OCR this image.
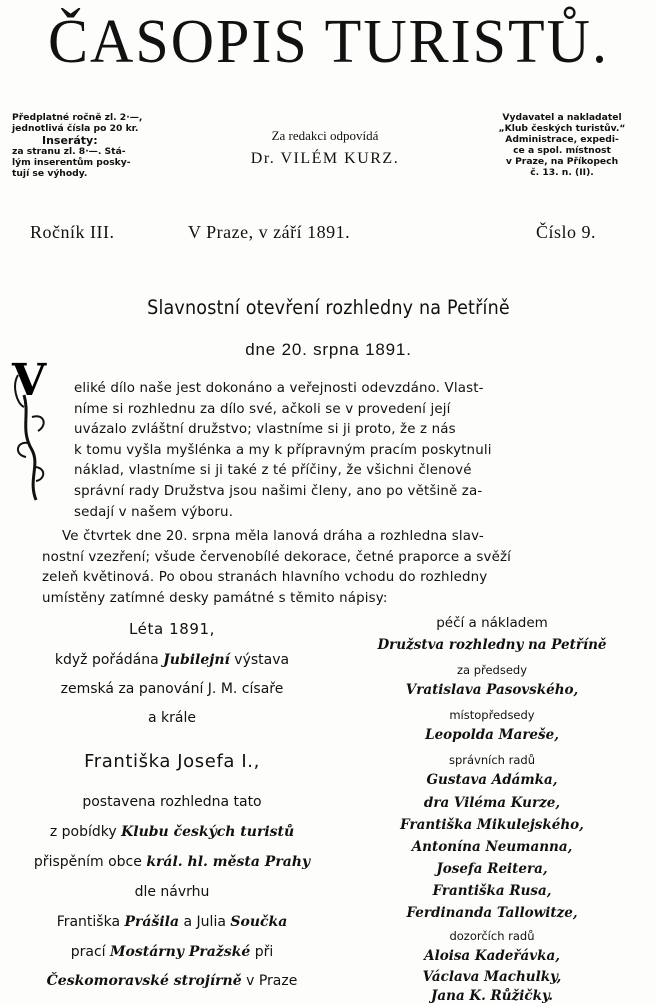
ČASOPIS TURISTŮ.
Předplatné ročně zl. 2·—,
jednotlivá čísla po 20 kr.
Inseráty:
za stranu zl. 8·—. Stá-
lým inserentům posky-
tují se výhody.
Za redakci odpovídá
Dr. VILÉM KURZ.
Vydavatel a nakladatel
„Klub českých turistův.“
Administrace, expedi-
ce a spol. místnost
v Praze, na Příkopech
č. 13. n. (II).
Ročník III.	V Praze, v září 1891.	Číslo 9.
Slavnostní otevření rozhledny na Petříně
dne 20. srpna 1891.
V eliké dílo naše jest dokonáno a veřejnosti odevzdáno. Vlast-
níme si rozhlednu za dílo své, ačkoli se v provedení její
uvázalo zvláštní družstvo; vlastníme si ji proto, že z nás
k tomu vyšla myšlénka a my k přípravným pracím poskytnuli
náklad, vlastníme si ji také z té příčiny, že všichni členové
správní rady Družstva jsou našimi členy, ano po většině za-
sedají v našem výboru.
Ve čtvrtek dne 20. srpna měla lanová dráha a rozhledna slav-
nostní vzezření; všude červenobílé dekorace, četné praporce a svěží
zeleň květinová. Po obou stranách hlavního vchodu do rozhledny
umístěny zatímné desky památné s těmito nápisy:
Léta 1891,
když pořádána Jubilejní výstava
zemská za panování J. M. císaře
a krále
Františka Josefa I.,
postavena rozhledna tato
z pobídky Klubu českých turistů
přispěním obce král. hl. města Prahy
dle návrhu
Františka Prášila a Julia Součka
prací Mostárny Pražské při
Českomoravské strojírně v Praze
péčí a nákladem
Družstva rozhledny na Petříně
za předsedy
Vratislava Pasovského,
místopředsedy
Leopolda Mareše,
správních radů
Gustava Adámka,
dra Viléma Kurze,
Františka Mikulejského,
Antonína Neumanna,
Josefa Reitera,
Františka Rusa,
Ferdinanda Tallowitze,
dozorčích radů
Aloisa Kadeřávka,
Václava Machulky,
Jana K. Růžičky.
